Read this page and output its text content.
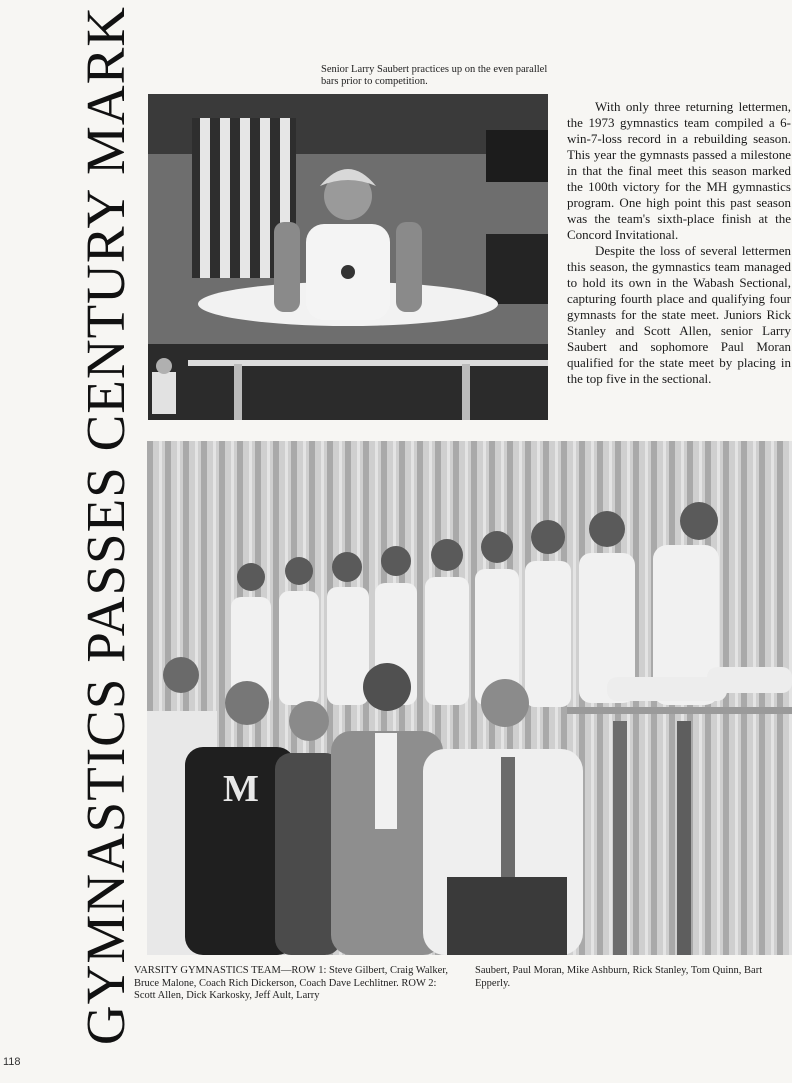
GYMNASTICS PASSES CENTURY MARK	Senior Larry Saubert practices up on the even parallel bars prior to competition.

With only three returning lettermen, the 1973 gymnastics team compiled a 6-win-7-loss record in a rebuilding season. This year the gymnasts passed a milestone in that the final meet this season marked the 100th victory for the MH gymnastics program. One high point this past season was the team's sixth-place finish at the Concord Invitational.

Despite the loss of several lettermen this season, the gymnastics team managed to hold its own in the Wabash Sectional, capturing fourth place and qualifying four gymnasts for the state meet. Juniors Rick Stanley and Scott Allen, senior Larry Saubert and sophomore Paul Moran qualified for the state meet by placing in the top five in the sectional.

M
VARSITY GYMNASTICS TEAM—ROW 1: Steve Gilbert, Craig Walker, Bruce Malone, Coach Rich Dickerson, Coach Dave Lechlitner. ROW 2: Scott Allen, Dick Karkosky, Jeff Ault, Larry
Saubert, Paul Moran, Mike Ashburn, Rick Stanley, Tom Quinn, Bart Epperly.
118
